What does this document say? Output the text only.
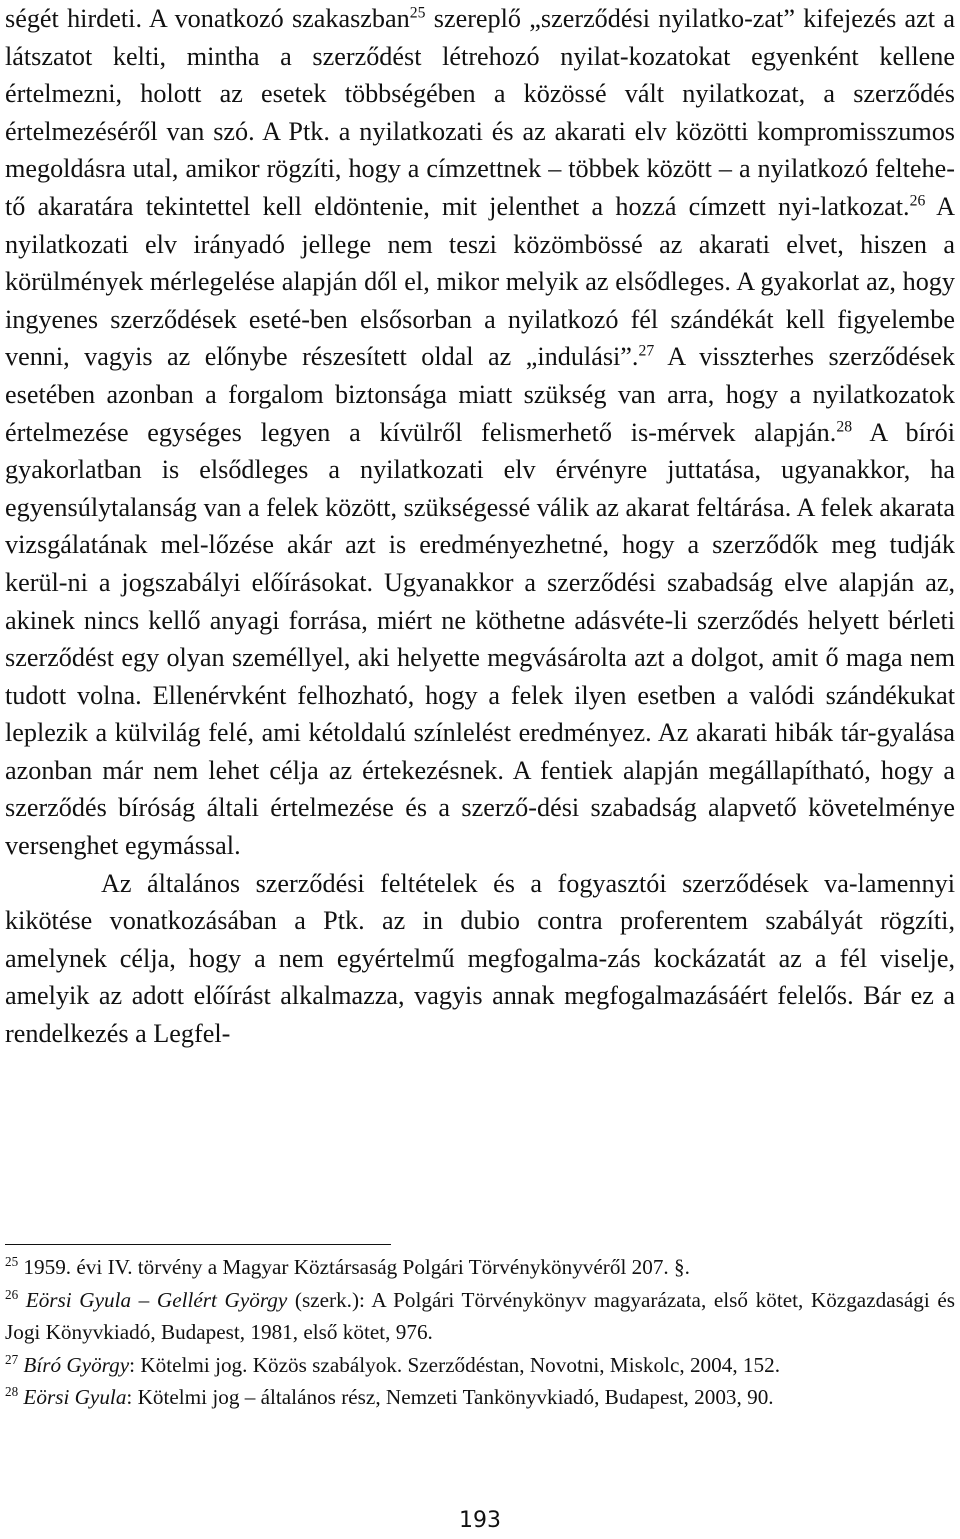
ségét hirdeti. A vonatkozó szakaszban$^{25}$ szereplő „szerződési nyilatko-zat” kifejezés azt a látszatot kelti, mintha a szerződést létrehozó nyilat-kozatokat egyenként kellene értelmezni, holott az esetek többségében a közössé vált nyilatkozat, a szerződés értelmezéséről van szó. A Ptk. a nyilatkozati és az akarati elv közötti kompromisszumos megoldásra utal, amikor rögzíti, hogy a címzettnek – többek között – a nyilatkozó feltehe-tő akaratára tekintettel kell eldöntenie, mit jelenthet a hozzá címzett nyi-latkozat.$^{26}$ A nyilatkozati elv irányadó jellege nem teszi közömbössé az akarati elvet, hiszen a körülmények mérlegelése alapján dől el, mikor melyik az elsődleges. A gyakorlat az, hogy ingyenes szerződések eseté-ben elsősorban a nyilatkozó fél szándékát kell figyelembe venni, vagyis az előnybe részesített oldal az „indulási”.$^{27}$ A visszterhes szerződések esetében azonban a forgalom biztonsága miatt szükség van arra, hogy a nyilatkozatok értelmezése egységes legyen a kívülről felismerhető is-mérvek alapján.$^{28}$ A bírói gyakorlatban is elsődleges a nyilatkozati elv érvényre juttatása, ugyanakkor, ha egyensúlytalanság van a felek között, szükségessé válik az akarat feltárása. A felek akarata vizsgálatának mel-lőzése akár azt is eredményezhetné, hogy a szerződők meg tudják kerül-ni a jogszabályi előírásokat. Ugyanakkor a szerződési szabadság elve alapján az, akinek nincs kellő anyagi forrása, miért ne köthetne adásvéte-li szerződés helyett bérleti szerződést egy olyan személlyel, aki helyette megvásárolta azt a dolgot, amit ő maga nem tudott volna. Ellenérvként felhozható, hogy a felek ilyen esetben a valódi szándékukat leplezik a külvilág felé, ami kétoldalú színlelést eredményez. Az akarati hibák tár-gyalása azonban már nem lehet célja az értekezésnek. A fentiek alapján megállapítható, hogy a szerződés bíróság általi értelmezése és a szerző-dési szabadság alapvető követelménye versenghet egymással.

Az általános szerződési feltételek és a fogyasztói szerződések va-lamennyi kikötése vonatkozásában a Ptk. az in dubio contra proferentem szabályát rögzíti, amelynek célja, hogy a nem egyértelmű megfogalma-zás kockázatát az a fél viselje, amelyik az adott előírást alkalmazza, vagyis annak megfogalmazásáért felelős. Bár ez a rendelkezés a Legfel-

$^{25}$ 1959. évi IV. törvény a Magyar Köztársaság Polgári Törvénykönyvéről 207. §.

$^{26}$ Eörsi Gyula – Gellért György (szerk.): A Polgári Törvénykönyv magyarázata, első kötet, Közgazdasági és Jogi Könyvkiadó, Budapest, 1981, első kötet, 976.

$^{27}$ Bíró György: Kötelmi jog. Közös szabályok. Szerződéstan, Novotni, Miskolc, 2004, 152.

$^{28}$ Eörsi Gyula: Kötelmi jog – általános rész, Nemzeti Tankönyvkiadó, Budapest, 2003, 90.

193
